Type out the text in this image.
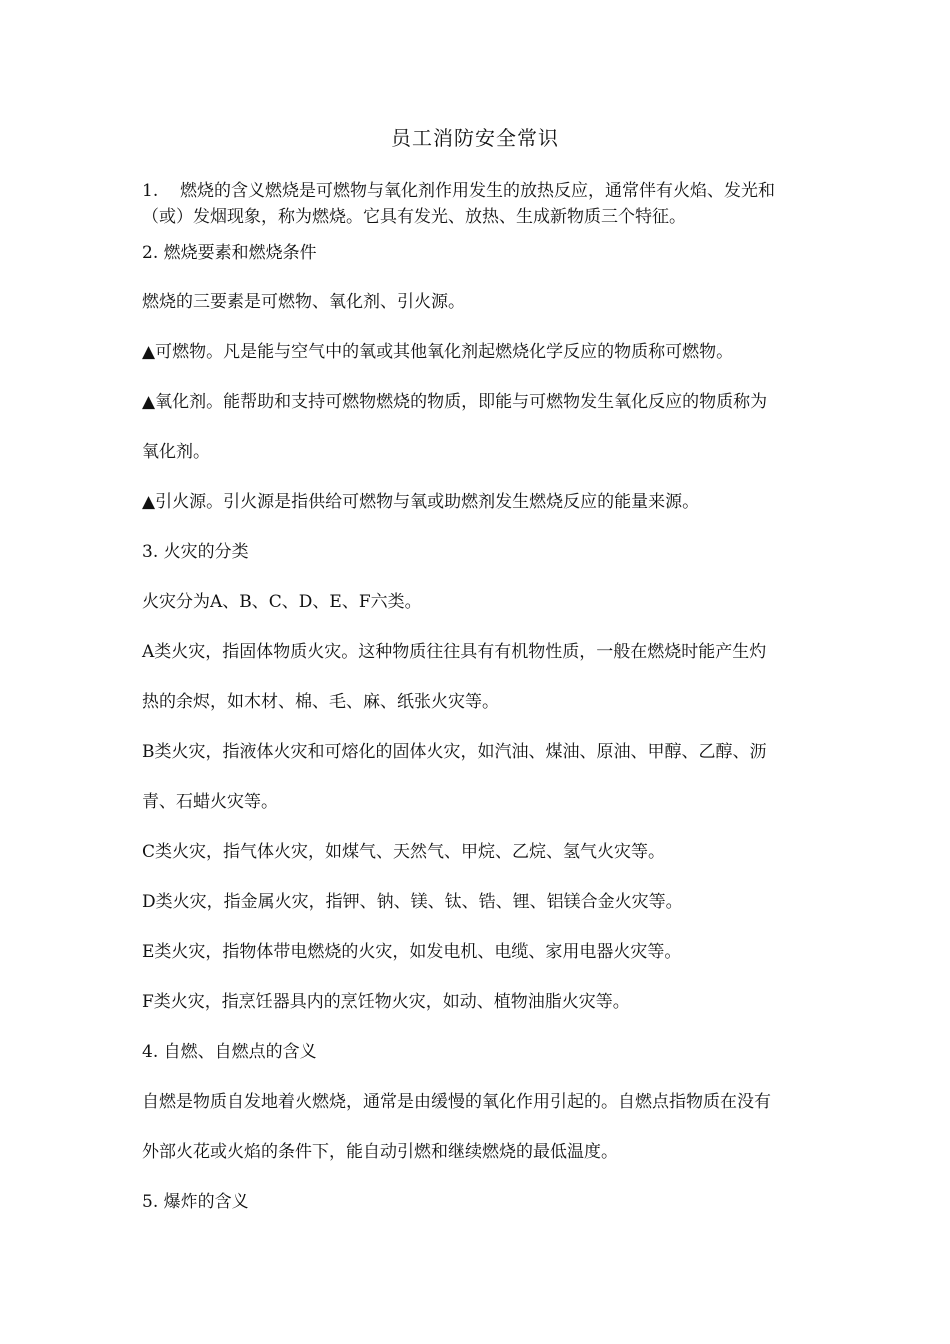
员工消防安全常识
1. 燃烧的含义燃烧是可燃物与氧化剂作用发生的放热反应，通常伴有火焰、发光和
（或）发烟现象，称为燃烧。它具有发光、放热、生成新物质三个特征。
2. 燃烧要素和燃烧条件
燃烧的三要素是可燃物、氧化剂、引火源。
▲可燃物。凡是能与空气中的氧或其他氧化剂起燃烧化学反应的物质称可燃物。
▲氧化剂。能帮助和支持可燃物燃烧的物质，即能与可燃物发生氧化反应的物质称为
氧化剂。
▲引火源。引火源是指供给可燃物与氧或助燃剂发生燃烧反应的能量来源。
3. 火灾的分类
火灾分为A、B、C、D、E、F六类。
A类火灾，指固体物质火灾。这种物质往往具有有机物性质，一般在燃烧时能产生灼
热的余烬，如木材、棉、毛、麻、纸张火灾等。
B类火灾，指液体火灾和可熔化的固体火灾，如汽油、煤油、原油、甲醇、乙醇、沥
青、石蜡火灾等。
C类火灾，指气体火灾，如煤气、天然气、甲烷、乙烷、氢气火灾等。
D类火灾，指金属火灾，指钾、钠、镁、钛、锆、锂、铝镁合金火灾等。
E类火灾，指物体带电燃烧的火灾，如发电机、电缆、家用电器火灾等。
F类火灾，指烹饪器具内的烹饪物火灾，如动、植物油脂火灾等。
4. 自燃、自燃点的含义
自燃是物质自发地着火燃烧，通常是由缓慢的氧化作用引起的。自燃点指物质在没有
外部火花或火焰的条件下，能自动引燃和继续燃烧的最低温度。
5. 爆炸的含义
